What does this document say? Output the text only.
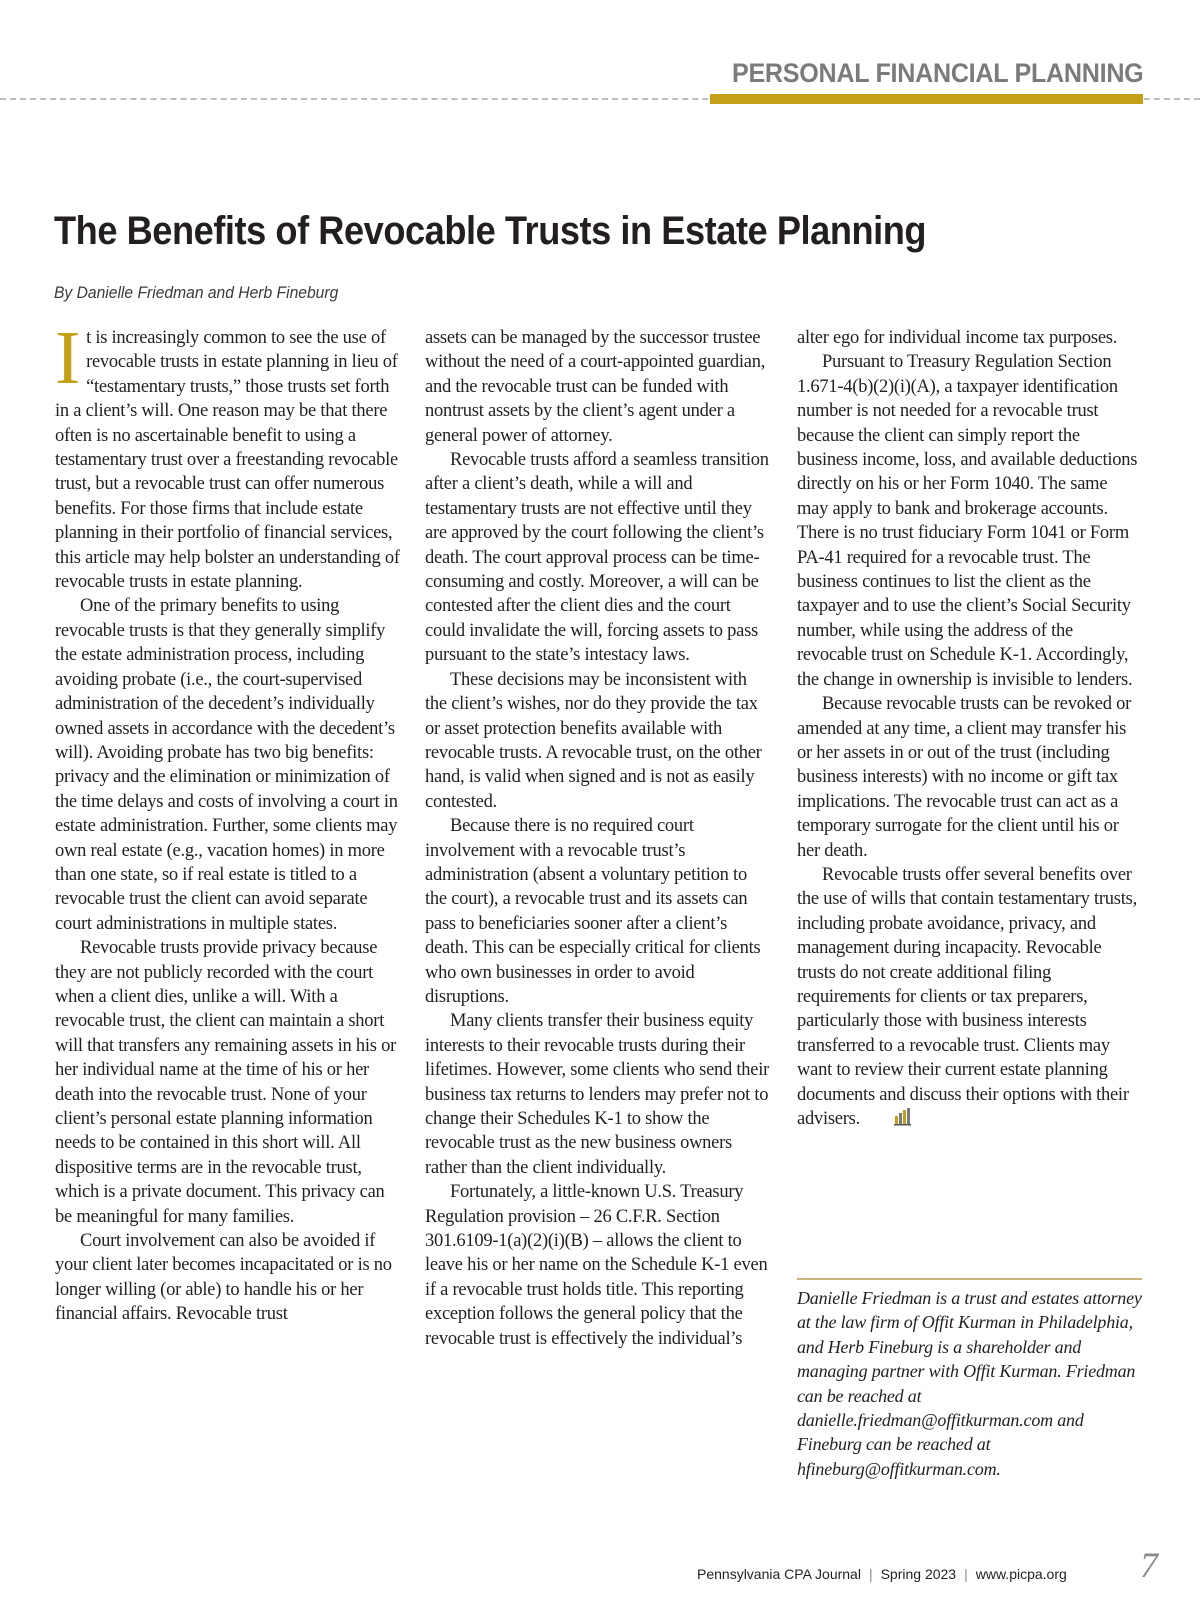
PERSONAL FINANCIAL PLANNING
The Benefits of Revocable Trusts in Estate Planning
By Danielle Friedman and Herb Fineburg

It is increasingly common to see the use of revocable trusts in estate planning in lieu of “testamentary trusts,” those trusts set forth in a client’s will. One reason may be that there often is no ascertainable benefit to using a testamentary trust over a freestanding revocable trust, but a revocable trust can offer numerous benefits. For those firms that include estate planning in their portfolio of financial services, this article may help bolster an understanding of revocable trusts in estate planning.

One of the primary benefits to using revocable trusts is that they generally simplify the estate administration process, including avoiding probate (i.e., the court-supervised administration of the decedent’s individually owned assets in accordance with the decedent’s will). Avoiding probate has two big benefits: privacy and the elimination or minimization of the time delays and costs of involving a court in estate administration. Further, some clients may own real estate (e.g., vacation homes) in more than one state, so if real estate is titled to a revocable trust the client can avoid separate court administrations in multiple states.

Revocable trusts provide privacy because they are not publicly recorded with the court when a client dies, unlike a will. With a revocable trust, the client can maintain a short will that transfers any remaining assets in his or her individual name at the time of his or her death into the revocable trust. None of your client’s personal estate planning information needs to be contained in this short will. All dispositive terms are in the revocable trust, which is a private document. This privacy can be meaningful for many families.

Court involvement can also be avoided if your client later becomes incapacitated or is no longer willing (or able) to handle his or her financial affairs. Revocable trust

assets can be managed by the successor trustee without the need of a court-appointed guardian, and the revocable trust can be funded with nontrust assets by the client’s agent under a general power of attorney.

Revocable trusts afford a seamless transition after a client’s death, while a will and testamentary trusts are not effective until they are approved by the court following the client’s death. The court approval process can be time-consuming and costly. Moreover, a will can be contested after the client dies and the court could invalidate the will, forcing assets to pass pursuant to the state’s intestacy laws.

These decisions may be inconsistent with the client’s wishes, nor do they provide the tax or asset protection benefits available with revocable trusts. A revocable trust, on the other hand, is valid when signed and is not as easily contested.

Because there is no required court involvement with a revocable trust’s administration (absent a voluntary petition to the court), a revocable trust and its assets can pass to beneficiaries sooner after a client’s death. This can be especially critical for clients who own businesses in order to avoid disruptions.

Many clients transfer their business equity interests to their revocable trusts during their lifetimes. However, some clients who send their business tax returns to lenders may prefer not to change their Schedules K-1 to show the revocable trust as the new business owners rather than the client individually.

Fortunately, a little-known U.S. Treasury Regulation provision – 26 C.F.R. Section 301.6109-1(a)(2)(i)(B) – allows the client to leave his or her name on the Schedule K-1 even if a revocable trust holds title. This reporting exception follows the general policy that the revocable trust is effectively the individual’s

alter ego for individual income tax purposes.

Pursuant to Treasury Regulation Section 1.671-4(b)(2)(i)(A), a taxpayer identification number is not needed for a revocable trust because the client can simply report the business income, loss, and available deductions directly on his or her Form 1040. The same may apply to bank and brokerage accounts. There is no trust fiduciary Form 1041 or Form PA-41 required for a revocable trust. The business continues to list the client as the taxpayer and to use the client’s Social Security number, while using the address of the revocable trust on Schedule K-1. Accordingly, the change in ownership is invisible to lenders.

Because revocable trusts can be revoked or amended at any time, a client may transfer his or her assets in or out of the trust (including business interests) with no income or gift tax implications. The revocable trust can act as a temporary surrogate for the client until his or her death.

Revocable trusts offer several benefits over the use of wills that contain testamentary trusts, including probate avoidance, privacy, and management during incapacity. Revocable trusts do not create additional filing requirements for clients or tax preparers, particularly those with business interests transferred to a revocable trust. Clients may want to review their current estate planning documents and discuss their options with their advisers.

Danielle Friedman is a trust and estates attorney at the law firm of Offit Kurman in Philadelphia, and Herb Fineburg is a shareholder and managing partner with Offit Kurman. Friedman can be reached at danielle.friedman@offitkurman.com and Fineburg can be reached at hfineburg@offitkurman.com.

Pennsylvania CPA Journal | Spring 2023 | www.picpa.org 7
